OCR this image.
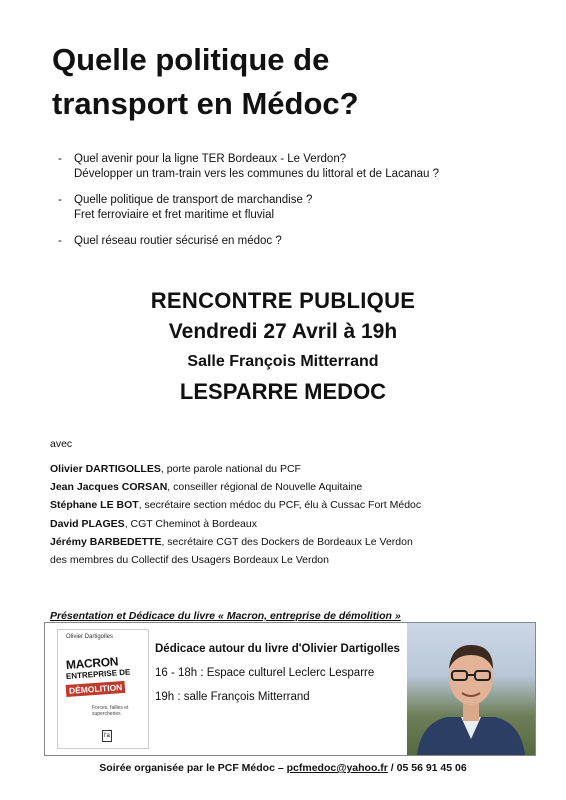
Quelle politique de
transport en Médoc?
-	Quel avenir pour la ligne TER Bordeaux - Le Verdon?
Développer un tram-train vers les communes du littoral et de Lacanau ?
-	Quelle politique de transport de marchandise ?
Fret ferroviaire et fret maritime et fluvial
-	Quel réseau routier sécurisé en médoc ?
RENCONTRE PUBLIQUE
Vendredi 27 Avril à 19h
Salle François Mitterrand
LESPARRE MEDOC
avec
Olivier DARTIGOLLES, porte parole national du PCF
Jean Jacques CORSAN, conseiller régional de Nouvelle Aquitaine
Stéphane LE BOT, secrétaire section médoc du PCF, élu à Cussac Fort Médoc
David PLAGES, CGT Cheminot à Bordeaux
Jérémy BARBEDETTE, secrétaire CGT des Dockers de Bordeaux Le Verdon
des membres du Collectif des Usagers Bordeaux Le Verdon
Présentation et Dédicace du livre « Macron, entreprise de démolition »
Olivier Dartigolles
MACRON
ENTREPRISE DE
DÉMOLITION
Forces, failles et supercheries
l'a
Dédicace autour du livre d'Olivier Dartigolles
16 - 18h : Espace culturel Leclerc Lesparre
19h : salle François Mitterrand
Soirée organisée par le PCF Médoc – pcfmedoc@yahoo.fr / 05 56 91 45 06
